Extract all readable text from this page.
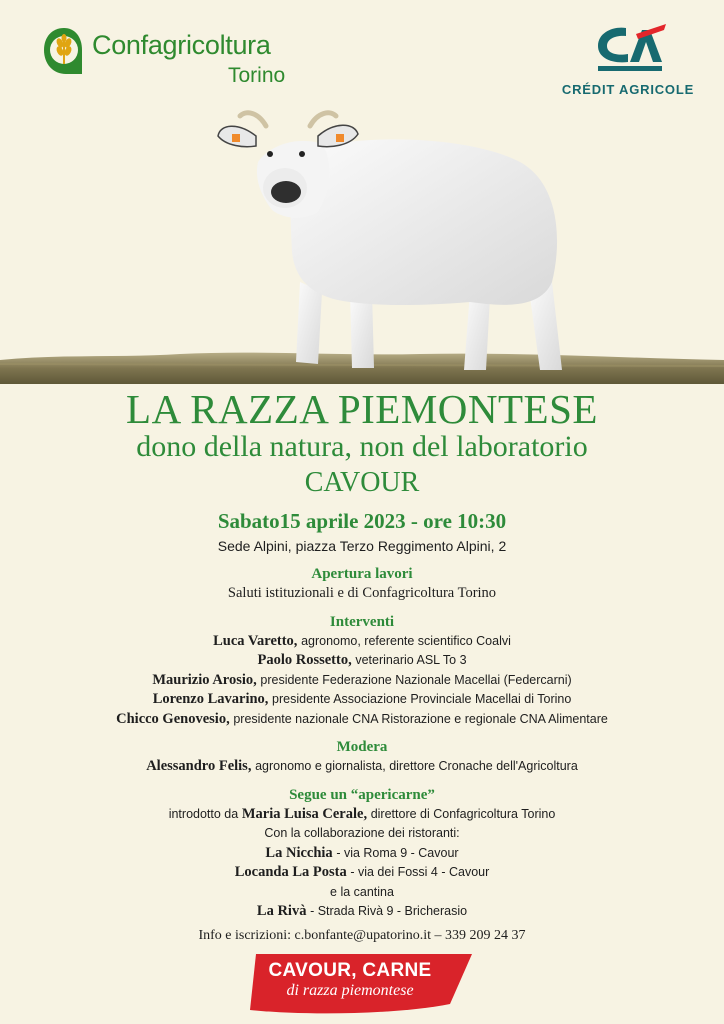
Confagricoltura
Torino
CRÉDIT AGRICOLE
LA RAZZA PIEMONTESE
dono della natura, non del laboratorio
CAVOUR
Sabato15 aprile 2023 - ore 10:30
Sede Alpini, piazza Terzo Reggimento Alpini, 2
Apertura lavori
Saluti istituzionali e di Confagricoltura Torino
Interventi
Luca Varetto, agronomo, referente scientifico Coalvi
Paolo Rossetto, veterinario ASL To 3
Maurizio Arosio, presidente Federazione Nazionale Macellai (Federcarni)
Lorenzo Lavarino, presidente Associazione Provinciale Macellai di Torino
Chicco Genovesio, presidente nazionale CNA Ristorazione e regionale CNA Alimentare
Modera
Alessandro Felis, agronomo e giornalista, direttore Cronache dell'Agricoltura
Segue un “apericarne”
introdotto da Maria Luisa Cerale, direttore di Confagricoltura Torino
Con la collaborazione dei ristoranti:
La Nicchia - via Roma 9 - Cavour
Locanda La Posta - via dei Fossi 4 - Cavour
e la cantina
La Rivà - Strada Rivà 9 - Bricherasio
Info e iscrizioni: c.bonfante@upatorino.it – 339 209 24 37
CAVOUR, CARNE
di razza piemontese
